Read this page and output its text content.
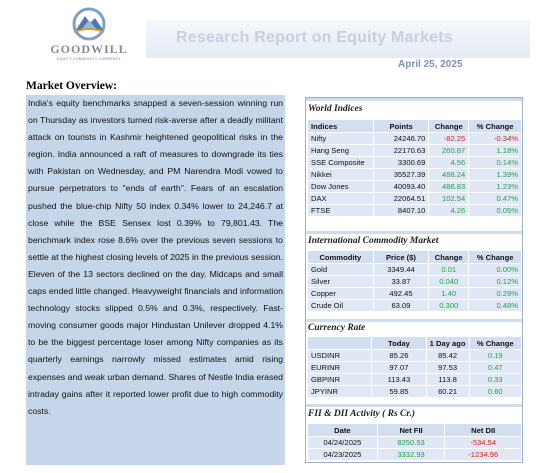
GOODWILL
EQUITY COMMODITY CURRENCY
Research Report on Equity Markets
April 25, 2025
Market Overview:

India's equity benchmarks snapped a seven-session winning run on Thursday as investors turned risk-averse after a deadly militant attack on tourists in Kashmir heightened geopolitical risks in the region. India announced a raft of measures to downgrade its ties with Pakistan on Wednesday, and PM Narendra Modi vowed to pursue perpetrators to "ends of earth". Fears of an escalation pushed the blue-chip Nifty 50 index 0.34% lower to 24,246.7 at close while the BSE Sensex lost 0.39% to 79,801.43. The benchmark index rose 8.6% over the previous seven sessions to settle at the highest closing levels of 2025 in the previous session. Eleven of the 13 sectors declined on the day. Midcaps and small caps ended little changed. Heavyweight financials and information technology stocks slipped 0.5% and 0.3%, respectively. Fast-moving consumer goods major Hindustan Unilever dropped 4.1% to be the biggest percentage loser among Nifty companies as its quarterly earnings narrowly missed estimates amid rising expenses and weak urban demand. Shares of Nestle India erased intraday gains after it reported lower profit due to high commodity costs.

World Indices
Indices	Points	Change	% Change
Nifty	24246.70	-82.25	-0.34%
Hang Seng	22170.63	260.87	1.18%
SSE Composite	3300.69	4.56	0.14%
Nikkei	35527.39	488.24	1.39%
Dow Jones	40093.40	486.83	1.23%
DAX	22064.51	102.54	0.47%
FTSE	8407.10	4.26	0.05%
International Commodity Market
Commodity	Price ($)	Change	% Change
Gold	3349.44	0.01	0.00%
Silver	33.87	0.040	0.12%
Copper	492.45	1.40	0.29%
Crude Oil	63.09	0.300	0.48%
Currency Rate
	Today	1 Day ago	% Change
USDINR	85.26	85.42	0.19
EURINR	97.07	97.53	0.47
GBPINR	113.43	113.8	0.33
JPYINR	59.85	60.21	0.60
FII & DII Activity ( Rs Cr.)
Date	Net FII	Net DII
04/24/2025	8250.53	-534.54
04/23/2025	3332.93	-1234.96
